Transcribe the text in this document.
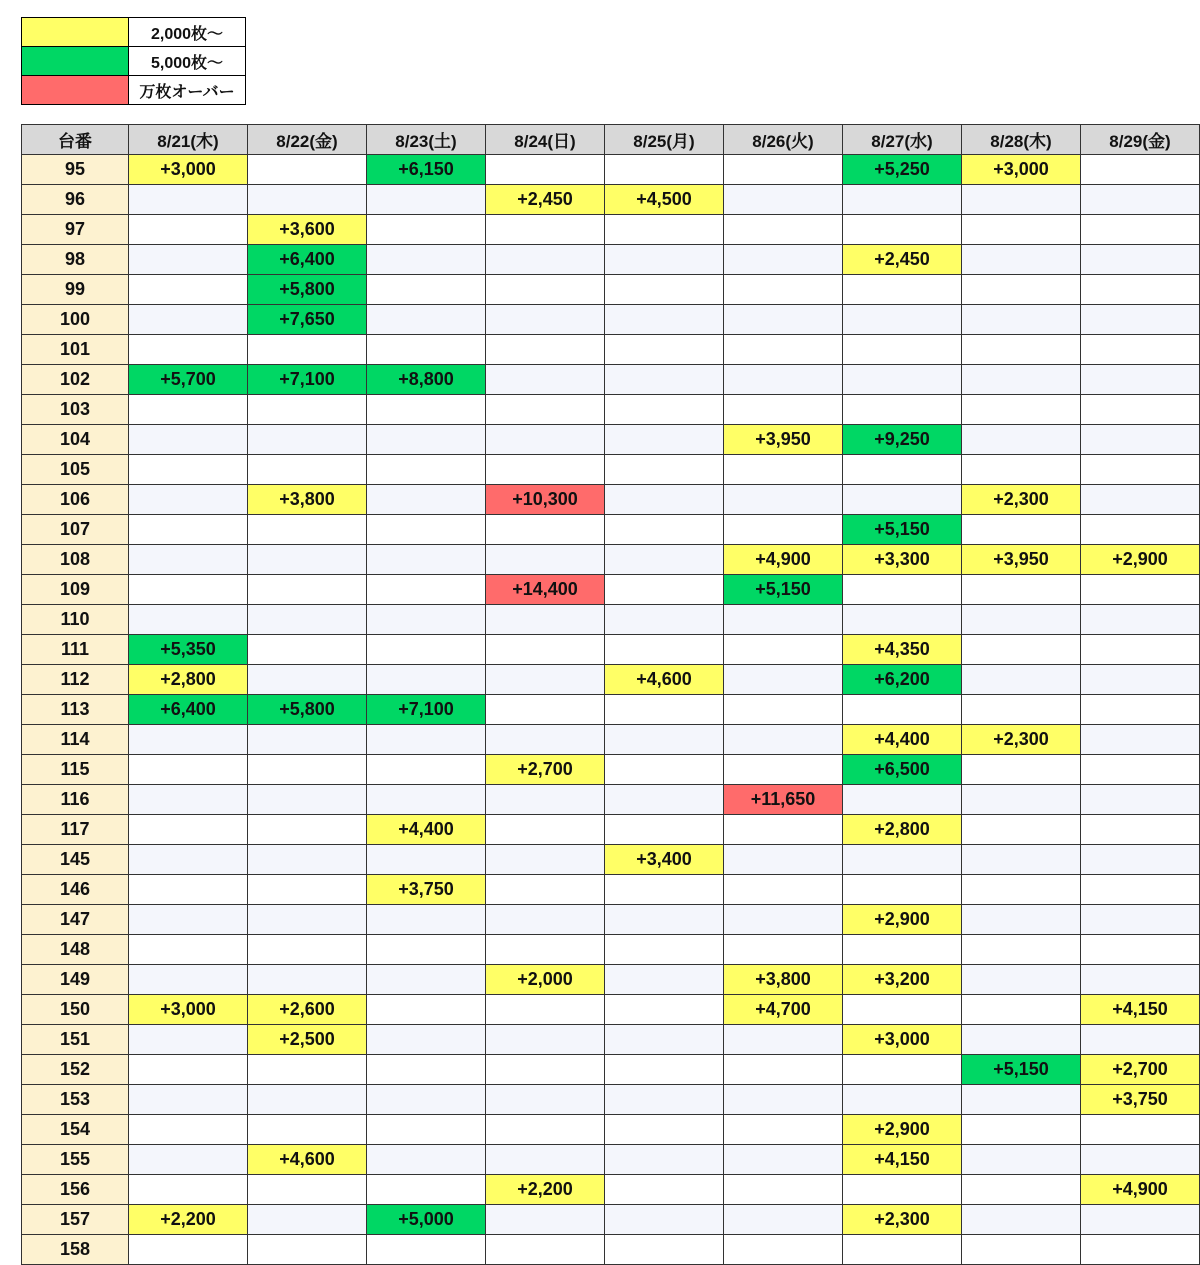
	2,000枚～
	5,000枚～
	万枚オーバー
台番	8/21(木)	8/22(金)	8/23(土)	8/24(日)	8/25(月)	8/26(火)	8/27(水)	8/28(木)	8/29(金)
95	+3,000		+6,150				+5,250	+3,000	
96				+2,450	+4,500				
97		+3,600							
98		+6,400					+2,450		
99		+5,800							
100		+7,650							
101									
102	+5,700	+7,100	+8,800						
103									
104						+3,950	+9,250		
105									
106		+3,800		+10,300				+2,300	
107							+5,150		
108						+4,900	+3,300	+3,950	+2,900
109				+14,400		+5,150			
110									
111	+5,350						+4,350		
112	+2,800				+4,600		+6,200		
113	+6,400	+5,800	+7,100						
114							+4,400	+2,300	
115				+2,700			+6,500		
116						+11,650			
117			+4,400				+2,800		
145					+3,400				
146			+3,750						
147							+2,900		
148									
149				+2,000		+3,800	+3,200		
150	+3,000	+2,600				+4,700			+4,150
151		+2,500					+3,000		
152								+5,150	+2,700
153									+3,750
154							+2,900		
155		+4,600					+4,150		
156				+2,200					+4,900
157	+2,200		+5,000				+2,300		
158									
